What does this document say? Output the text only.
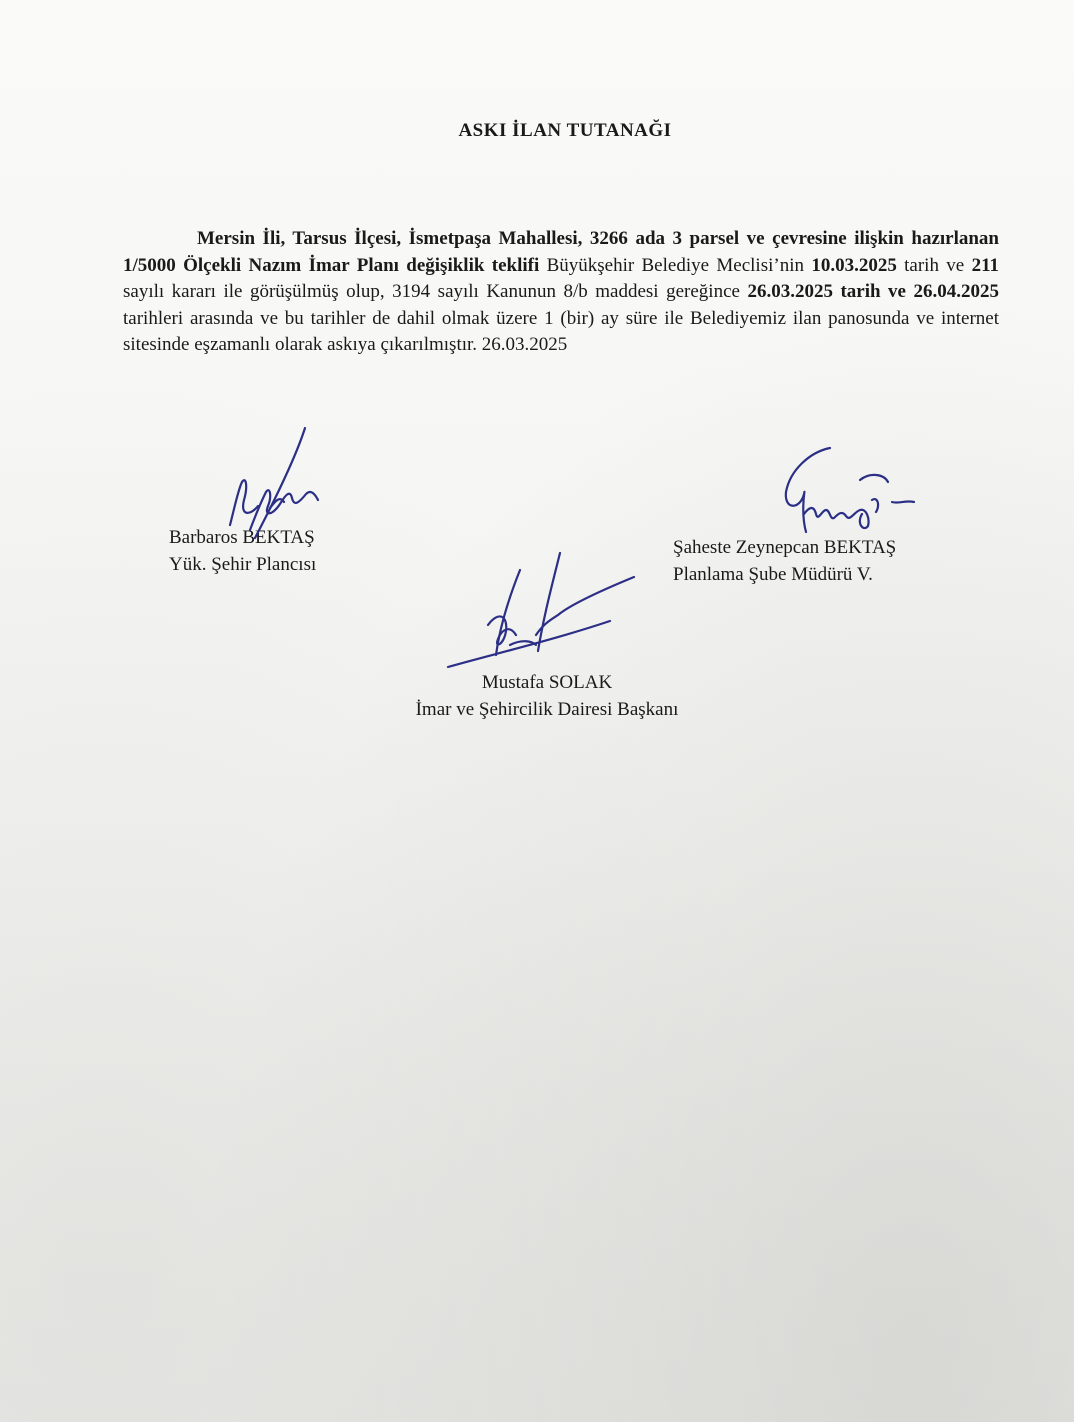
ASKI İLAN TUTANAĞI
Mersin İli, Tarsus İlçesi, İsmetpaşa Mahallesi, 3266 ada 3 parsel ve çevresine ilişkin hazırlanan 1/5000 Ölçekli Nazım İmar Planı değişiklik teklifi Büyükşehir Belediye Meclisi’nin 10.03.2025 tarih ve 211 sayılı kararı ile görüşülmüş olup, 3194 sayılı Kanunun 8/b maddesi gereğince 26.03.2025 tarih ve 26.04.2025 tarihleri arasında ve bu tarihler de dahil olmak üzere 1 (bir) ay süre ile Belediyemiz ilan panosunda ve internet sitesinde eşzamanlı olarak askıya çıkarılmıştır. 26.03.2025
Barbaros BEKTAŞ
Yük. Şehir Plancısı
Şaheste Zeynepcan BEKTAŞ
Planlama Şube Müdürü V.
Mustafa SOLAK
İmar ve Şehircilik Dairesi Başkanı
